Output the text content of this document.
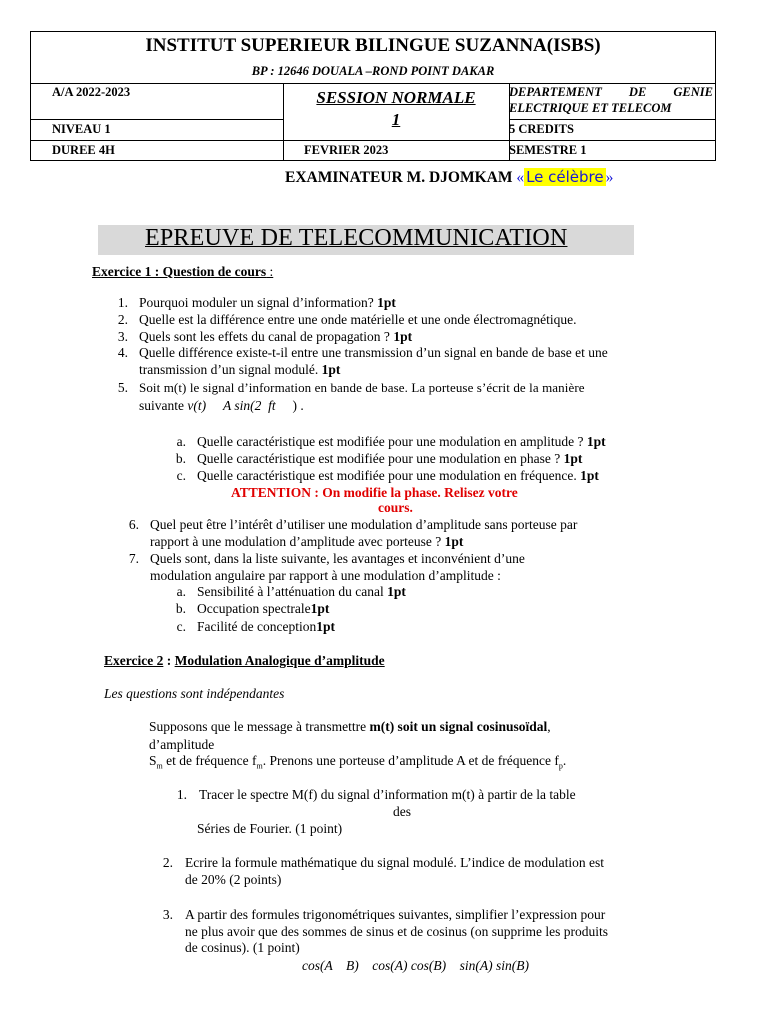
INSTITUT SUPERIEUR BILINGUE SUZANNA(ISBS)
BP : 12646 DOUALA –ROND POINT DAKAR
A/A 2022-2023
NIVEAU 1
DUREE 4H
SESSION NORMALE
1
FEVRIER 2023
DEPARTEMENT DE GENIE ELECTRIQUE ET TELECOM
5 CREDITS
SEMESTRE 1
EXAMINATEUR M. DJOMKAM « Le célèbre »
EPREUVE DE TELECOMMUNICATION
Exercice 1 : Question de cours :
1. Pourquoi moduler un signal d’information? 1pt
2. Quelle est la différence entre une onde matérielle et une onde électromagnétique.
3. Quels sont les effets du canal de propagation ? 1pt
4. Quelle différence existe-t-il entre une transmission d’un signal en bande de base et une
transmission d’un signal modulé. 1pt
5. Soit m(t) le signal d’information en bande de base. La porteuse s’écrit de la manière
suivante v(t) A sin(2 ft ) .
a. Quelle caractéristique est modifiée pour une modulation en amplitude ? 1pt
b. Quelle caractéristique est modifiée pour une modulation en phase ? 1pt
c. Quelle caractéristique est modifiée pour une modulation en fréquence. 1pt
ATTENTION : On modifie la phase. Relisez votre
cours.
6. Quel peut être l’intérêt d’utiliser une modulation d’amplitude sans porteuse par
rapport à une modulation d’amplitude avec porteuse ? 1pt
7. Quels sont, dans la liste suivante, les avantages et inconvénient d’une
modulation angulaire par rapport à une modulation d’amplitude :
a. Sensibilité à l’atténuation du canal 1pt
b. Occupation spectrale1pt
c. Facilité de conception1pt
Exercice 2 : Modulation Analogique d’amplitude
Les questions sont indépendantes
Supposons que le message à transmettre m(t) soit un signal cosinusoïdal,
d’amplitude
$S_m$ et de fréquence $f_m$. Prenons une porteuse d’amplitude A et de fréquence $f_p$.
1. Tracer le spectre M(f) du signal d’information m(t) à partir de la table
des
Séries de Fourier. (1 point)
2. Ecrire la formule mathématique du signal modulé. L’indice de modulation est
de 20% (2 points)
3. A partir des formules trigonométriques suivantes, simplifier l’expression pour
ne plus avoir que des sommes de sinus et de cosinus (on supprime les produits
de cosinus). (1 point)
cos(A    B)    cos(A) cos(B)    sin(A) sin(B)
